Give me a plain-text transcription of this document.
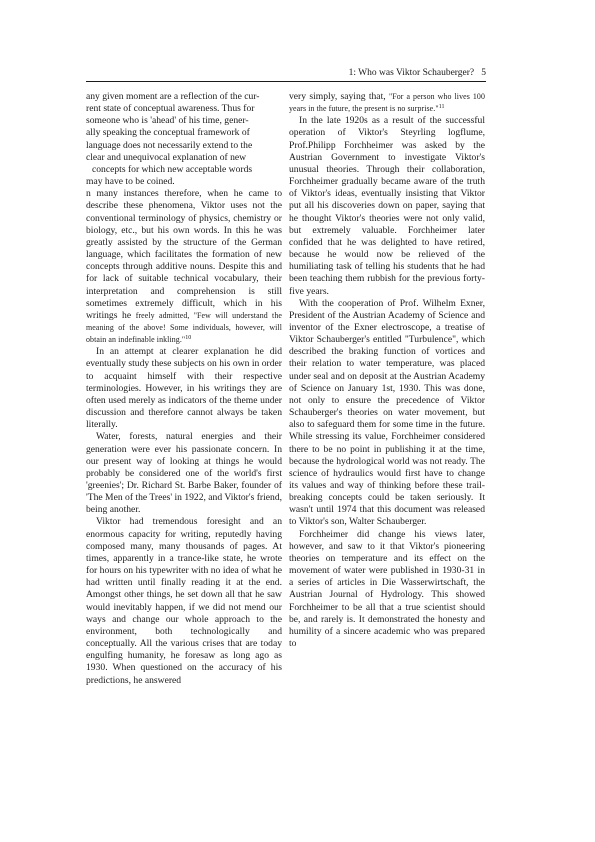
1: Who was Viktor Schauberger? 5

any given moment are a reflection of the cur-
rent state of conceptual awareness. Thus for
someone who is 'ahead' of his time, gener-
ally speaking the conceptual framework of
language does not necessarily extend to the
clear and unequivocal explanation of new
concepts for which new acceptable words
may have to be coined.

n many instances therefore, when he came to describe these phenomena, Viktor uses not the conventional terminology of physics, chemistry or biology, etc., but his own words. In this he was greatly assisted by the structure of the German language, which facilitates the formation of new concepts through additive nouns. Despite this and for lack of suitable technical vocabulary, their interpretation and comprehension is still sometimes extremely difficult, which in his writings he freely admitted, "Few will understand the meaning of the above! Some individuals, however, will obtain an indefinable inkling."$^{10}$

In an attempt at clearer explanation he did eventually study these subjects on his own in order to acquaint himself with their respective terminologies. However, in his writings they are often used merely as indicators of the theme under discussion and therefore cannot always be taken literally.

Water, forests, natural energies and their generation were ever his passionate concern. In our present way of looking at things he would probably be considered one of the world's first 'greenies'; Dr. Richard St. Barbe Baker, founder of 'The Men of the Trees' in 1922, and Viktor's friend, being another.

Viktor had tremendous foresight and an enormous capacity for writing, reputedly having composed many, many thousands of pages. At times, apparently in a trance-like state, he wrote for hours on his typewriter with no idea of what he had written until finally reading it at the end. Amongst other things, he set down all that he saw would inevitably happen, if we did not mend our ways and change our whole approach to the environment, both technologically and conceptually. All the various crises that are today engulfing humanity, he foresaw as long ago as 1930. When questioned on the accuracy of his predictions, he answered

very simply, saying that, "For a person who lives 100 years in the future, the present is no surprise."$^{11}$

In the late 1920s as a result of the successful operation of Viktor's Steyrling logflume, Prof.Philipp Forchheimer was asked by the Austrian Government to investigate Viktor's unusual theories. Through their collaboration, Forchheimer gradually became aware of the truth of Viktor's ideas, eventually insisting that Viktor put all his discoveries down on paper, saying that he thought Viktor's theories were not only valid, but extremely valuable. Forchheimer later confided that he was delighted to have retired, because he would now be relieved of the humiliating task of telling his students that he had been teaching them rubbish for the previous forty-five years.

With the cooperation of Prof. Wilhelm Exner, President of the Austrian Academy of Science and inventor of the Exner electroscope, a treatise of Viktor Schauberger's entitled "Turbulence", which described the braking function of vortices and their relation to water temperature, was placed under seal and on deposit at the Austrian Academy of Science on January 1st, 1930. This was done, not only to ensure the precedence of Viktor Schauberger's theories on water movement, but also to safeguard them for some time in the future. While stressing its value, Forchheimer considered there to be no point in publishing it at the time, because the hydrological world was not ready. The science of hydraulics would first have to change its values and way of thinking before these trail-breaking concepts could be taken seriously. It wasn't until 1974 that this document was released to Viktor's son, Walter Schauberger.

Forchheimer did change his views later, however, and saw to it that Viktor's pioneering theories on temperature and its effect on the movement of water were published in 1930-31 in a series of articles in Die Wasserwirtschaft, the Austrian Journal of Hydrology. This showed Forchheimer to be all that a true scientist should be, and rarely is. It demonstrated the honesty and humility of a sincere academic who was prepared to
